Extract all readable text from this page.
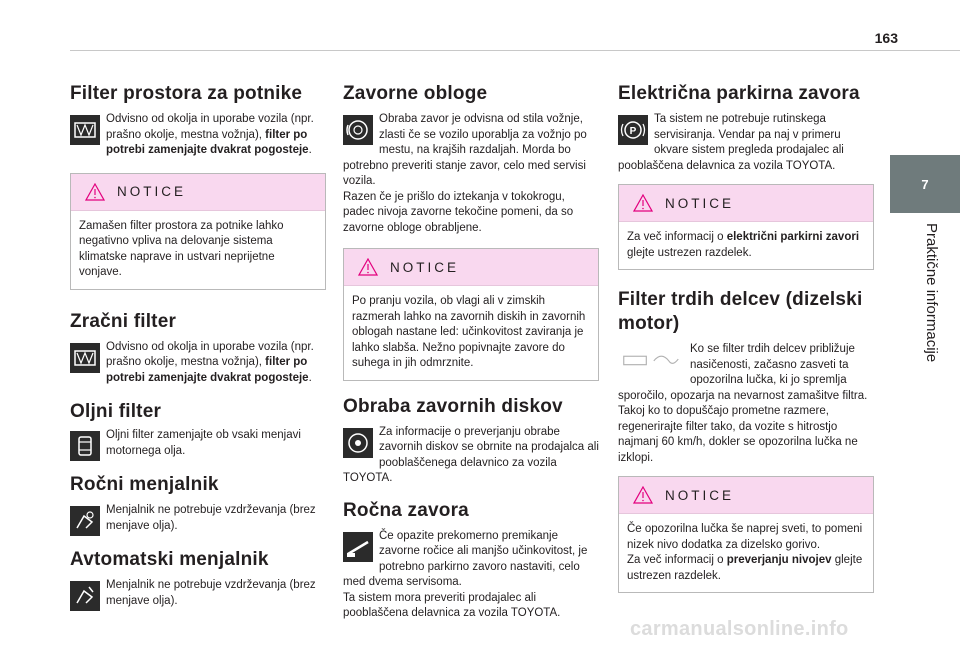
163
7
Praktične informacije
Filter prostora za potnike

Odvisno od okolja in uporabe vozila (npr. prašno okolje, mestna vožnja), filter po potrebi zamenjajte dvakrat pogosteje.

NOTICE
Zamašen filter prostora za potnike lahko negativno vpliva na delovanje sistema klimatske naprave in ustvari neprijetne vonjave.
Zračni filter

Odvisno od okolja in uporabe vozila (npr. prašno okolje, mestna vožnja), filter po potrebi zamenjajte dvakrat pogosteje.

Oljni filter

Oljni filter zamenjajte ob vsaki menjavi motornega olja.

Ročni menjalnik

Menjalnik ne potrebuje vzdrževanja (brez menjave olja).

Avtomatski menjalnik

Menjalnik ne potrebuje vzdrževanja (brez menjave olja).

Zavorne obloge

Obraba zavor je odvisna od stila vožnje, zlasti če se vozilo uporablja za vožnjo po mestu, na krajših razdaljah. Morda bo potrebno preveriti stanje zavor, celo med servisi vozila.

Razen če je prišlo do iztekanja v tokokrogu, padec nivoja zavorne tekočine pomeni, da so zavorne obloge obrabljene.

NOTICE
Po pranju vozila, ob vlagi ali v zimskih razmerah lahko na zavornih diskih in zavornih oblogah nastane led: učinkovitost zaviranja je lahko slabša. Nežno popivnajte zavore do suhega in jih odmrznite.
Obraba zavornih diskov

Za informacije o preverjanju obrabe zavornih diskov se obrnite na prodajalca ali pooblaščenega delavnico za vozila TOYOTA.

Ročna zavora

Če opazite prekomerno premikanje zavorne ročice ali manjšo učinkovitost, je potrebno parkirno zavoro nastaviti, celo med dvema servisoma.

Ta sistem mora preveriti prodajalec ali pooblaščena delavnica za vozila TOYOTA.

Električna parkirna zavora
P

Ta sistem ne potrebuje rutinskega servisiranja. Vendar pa naj v primeru okvare sistem pregleda prodajalec ali pooblaščena delavnica za vozila TOYOTA.

NOTICE
Za več informacij o električni parkirni zavori glejte ustrezen razdelek.
Filter trdih delcev (dizelski motor)

Ko se filter trdih delcev približuje nasičenosti, začasno zasveti ta opozorilna lučka, ki jo spremlja sporočilo, opozarja na nevarnost zamašitve filtra.

Takoj ko to dopuščajo prometne razmere, regenerirajte filter tako, da vozite s hitrostjo najmanj 60 km/h, dokler se opozorilna lučka ne izklopi.

NOTICE
Če opozorilna lučka še naprej sveti, to pomeni nizek nivo dodatka za dizelsko gorivo.
Za več informacij o preverjanju nivojev glejte ustrezen razdelek.
carmanualsonline.info
